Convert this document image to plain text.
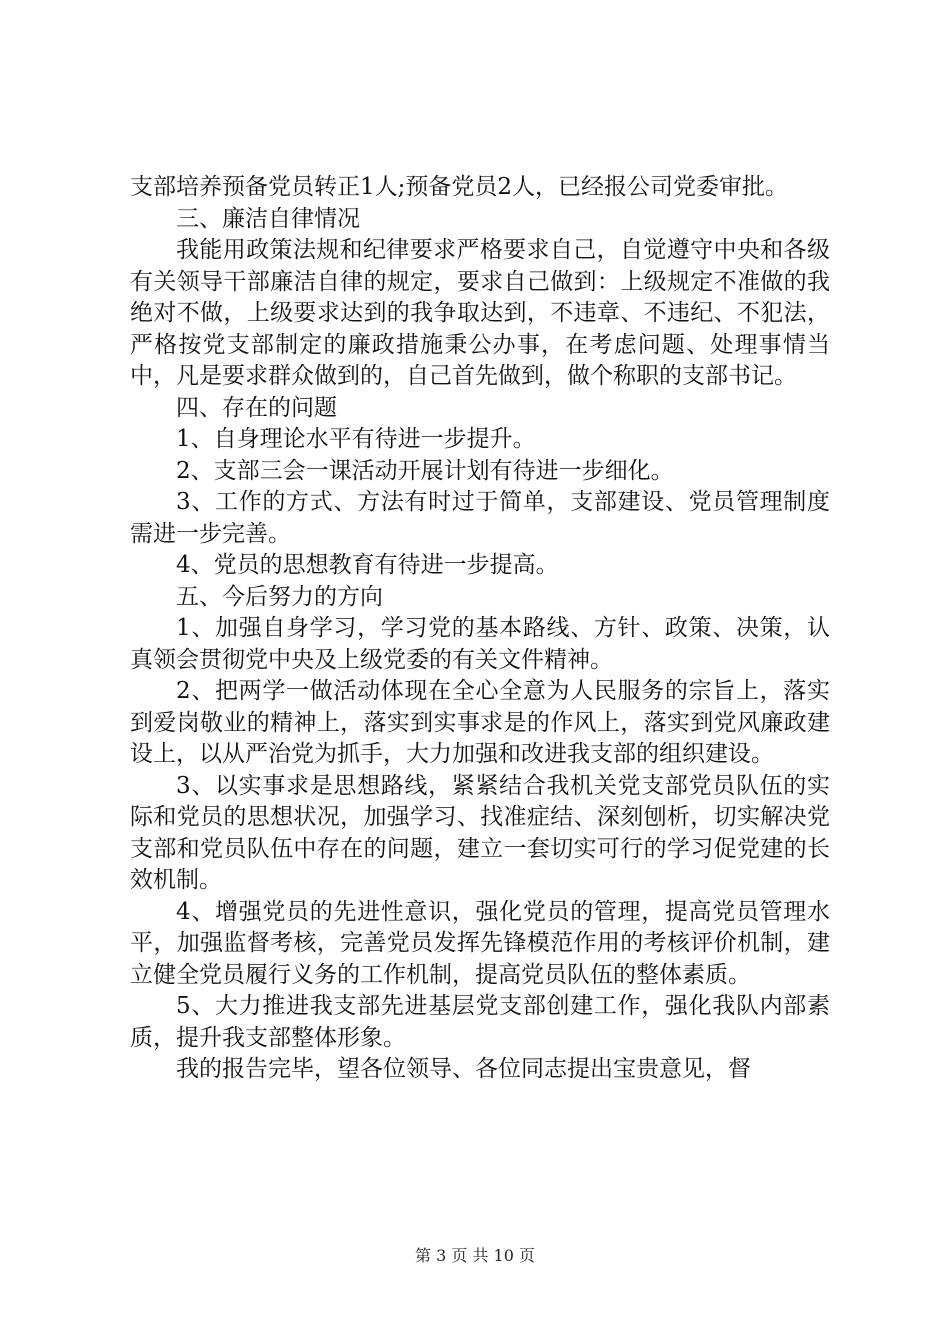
支部培养预备党员转正1人;预备党员2人，已经报公司党委审批。

三、廉洁自律情况

我能用政策法规和纪律要求严格要求自己，自觉遵守中央和各级有关领导干部廉洁自律的规定，要求自己做到：上级规定不准做的我绝对不做，上级要求达到的我争取达到，不违章、不违纪、不犯法，严格按党支部制定的廉政措施秉公办事，在考虑问题、处理事情当中，凡是要求群众做到的，自己首先做到，做个称职的支部书记。

四、存在的问题

1、自身理论水平有待进一步提升。

2、支部三会一课活动开展计划有待进一步细化。

3、工作的方式、方法有时过于简单，支部建设、党员管理制度需进一步完善。

4、党员的思想教育有待进一步提高。

五、今后努力的方向

1、加强自身学习，学习党的基本路线、方针、政策、决策，认真领会贯彻党中央及上级党委的有关文件精神。

2、把两学一做活动体现在全心全意为人民服务的宗旨上，落实到爱岗敬业的精神上，落实到实事求是的作风上，落实到党风廉政建设上，以从严治党为抓手，大力加强和改进我支部的组织建设。

3、以实事求是思想路线，紧紧结合我机关党支部党员队伍的实际和党员的思想状况，加强学习、找准症结、深刻刨析，切实解决党支部和党员队伍中存在的问题，建立一套切实可行的学习促党建的长效机制。

4、增强党员的先进性意识，强化党员的管理，提高党员管理水平，加强监督考核，完善党员发挥先锋模范作用的考核评价机制，建立健全党员履行义务的工作机制，提高党员队伍的整体素质。

5、大力推进我支部先进基层党支部创建工作，强化我队内部素质，提升我支部整体形象。

我的报告完毕，望各位领导、各位同志提出宝贵意见，督

第 3 页 共 10 页
